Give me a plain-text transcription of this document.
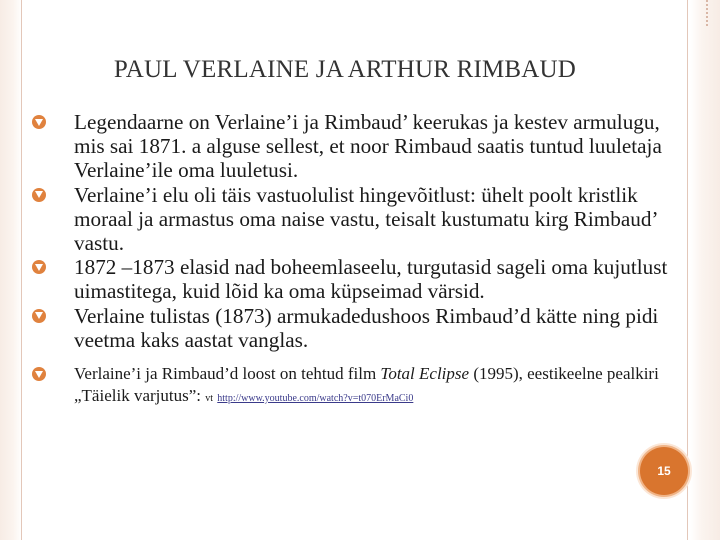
PAUL VERLAINE JA ARTHUR RIMBAUD
Legendaarne on Verlaine’i ja Rimbaud’ keerukas ja kestev armulugu, mis sai 1871. a alguse sellest, et noor Rimbaud saatis tuntud luuletaja Verlaine’ile oma luuletusi.
Verlaine’i elu oli täis vastuolulist hingevõitlust: ühelt poolt kristlik moraal ja armastus oma naise vastu, teisalt kustumatu kirg Rimbaud’ vastu.
1872 –1873 elasid nad boheemlaseelu, turgutasid sageli oma kujutlust uimastitega, kuid lõid ka oma küpseimad värsid.
Verlaine tulistas (1873) armukadedushoos Rimbaud’d kätte ning pidi veetma kaks aastat vanglas.
Verlaine’i ja Rimbaud’d loost on tehtud film Total Eclipse (1995), eestikeelne pealkiri „Täielik varjutus”: vt http://www.youtube.com/watch?v=t070ErMaCi0
15
